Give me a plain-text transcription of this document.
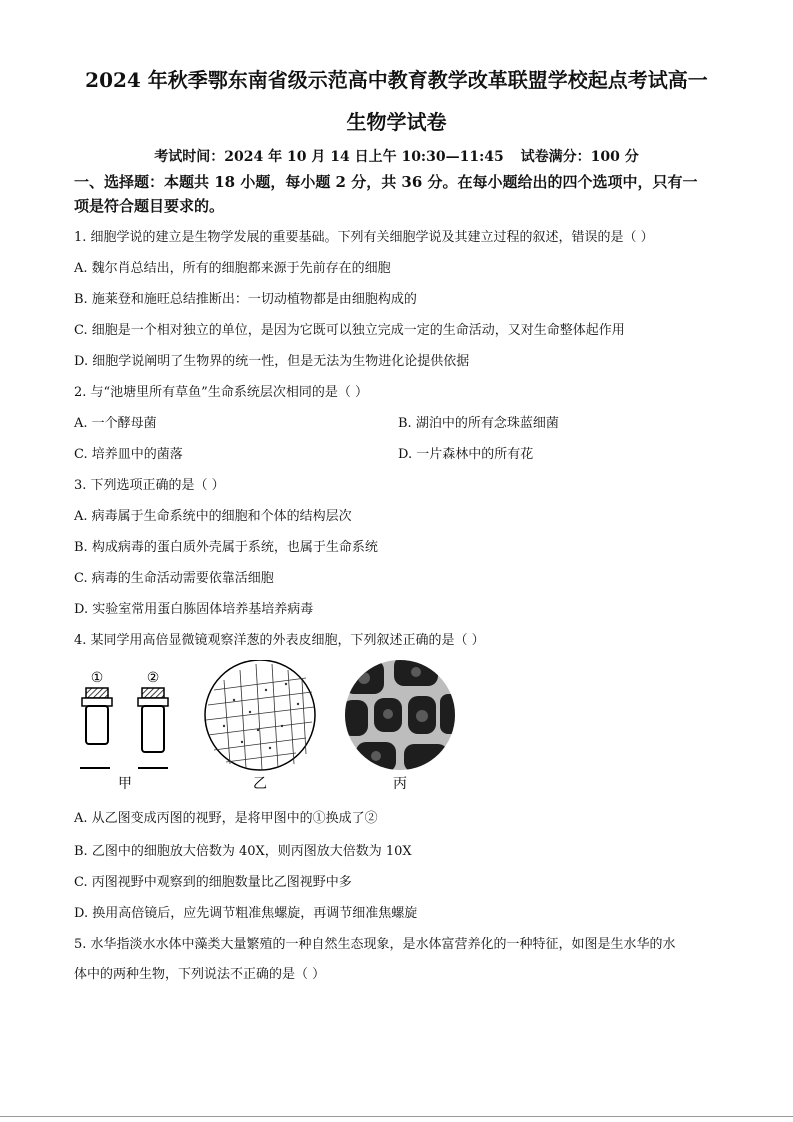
2024 年秋季鄂东南省级示范高中教育教学改革联盟学校起点考试高一
生物学试卷
考试时间：2024 年 10 月 14 日上午 10:30—11:45 试卷满分：100 分
一、选择题：本题共 18 小题，每小题 2 分，共 36 分。在每小题给出的四个选项中，只有一
项是符合题目要求的。
1. 细胞学说的建立是生物学发展的重要基础。下列有关细胞学说及其建立过程的叙述，错误的是（ ）
A. 魏尔肖总结出，所有的细胞都来源于先前存在的细胞
B. 施莱登和施旺总结推断出：一切动植物都是由细胞构成的
C. 细胞是一个相对独立的单位，是因为它既可以独立完成一定的生命活动，又对生命整体起作用
D. 细胞学说阐明了生物界的统一性，但是无法为生物进化论提供依据
2. 与“池塘里所有草鱼”生命系统层次相同的是（ ）
A. 一个酵母菌	B. 湖泊中的所有念珠蓝细菌
C. 培养皿中的菌落	D. 一片森林中的所有花
3. 下列选项正确的是（ ）
A. 病毒属于生命系统中的细胞和个体的结构层次
B. 构成病毒的蛋白质外壳属于系统，也属于生命系统
C. 病毒的生命活动需要依靠活细胞
D. 实验室常用蛋白胨固体培养基培养病毒
4. 某同学用高倍显微镜观察洋葱的外表皮细胞，下列叙述正确的是（ ）
①	②
甲	乙	丙
A. 从乙图变成丙图的视野，是将甲图中的①换成了②
B. 乙图中的细胞放大倍数为 40X，则丙图放大倍数为 10X
C. 丙图视野中观察到的细胞数量比乙图视野中多
D. 换用高倍镜后，应先调节粗准焦螺旋，再调节细准焦螺旋
5. 水华指淡水水体中藻类大量繁殖的一种自然生态现象，是水体富营养化的一种特征，如图是生水华的水
体中的两种生物，下列说法不正确的是（ ）
